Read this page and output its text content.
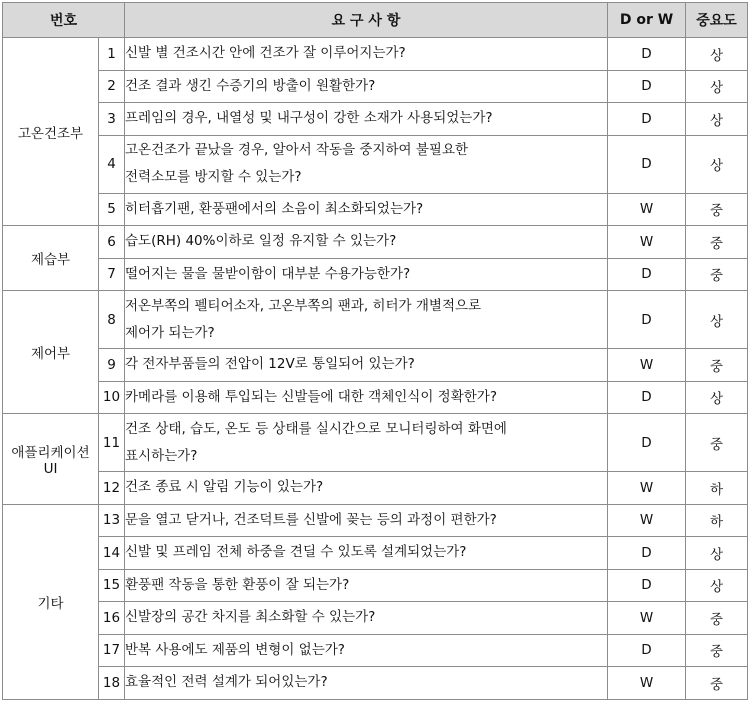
번호		요 구 사 항	D or W	중요도
고온건조부	1	신발 별 건조시간 안에 건조가 잘 이루어지는가?	D	상
	2	건조 결과 생긴 수증기의 방출이 원활한가?	D	상
	3	프레임의 경우, 내열성 및 내구성이 강한 소재가 사용되었는가?	D	상
	4	고온건조가 끝났을 경우, 알아서 작동을 중지하여 불필요한
전력소모를 방지할 수 있는가?	D	상
	5	히터흡기팬, 환풍팬에서의 소음이 최소화되었는가?	W	중
제습부	6	습도(RH) 40%이하로 일정 유지할 수 있는가?	W	중
	7	떨어지는 물을 물받이함이 대부분 수용가능한가?	D	중
제어부	8	저온부쪽의 펠티어소자, 고온부쪽의 팬과, 히터가 개별적으로
제어가 되는가?	D	상
	9	각 전자부품들의 전압이 12V로 통일되어 있는가?	W	중
	10	카메라를 이용해 투입되는 신발들에 대한 객체인식이 정확한가?	D	상
애플리케이션
UI	11	건조 상태, 습도, 온도 등 상태를 실시간으로 모니터링하여 화면에
표시하는가?	D	중
	12	건조 종료 시 알림 기능이 있는가?	W	하
기타	13	문을 열고 닫거나, 건조덕트를 신발에 꽂는 등의 과정이 편한가?	W	하
	14	신발 및 프레임 전체 하중을 견딜 수 있도록 설계되었는가?	D	상
	15	환풍팬 작동을 통한 환풍이 잘 되는가?	D	상
	16	신발장의 공간 차지를 최소화할 수 있는가?	W	중
	17	반복 사용에도 제품의 변형이 없는가?	D	중
	18	효율적인 전력 설계가 되어있는가?	W	중
